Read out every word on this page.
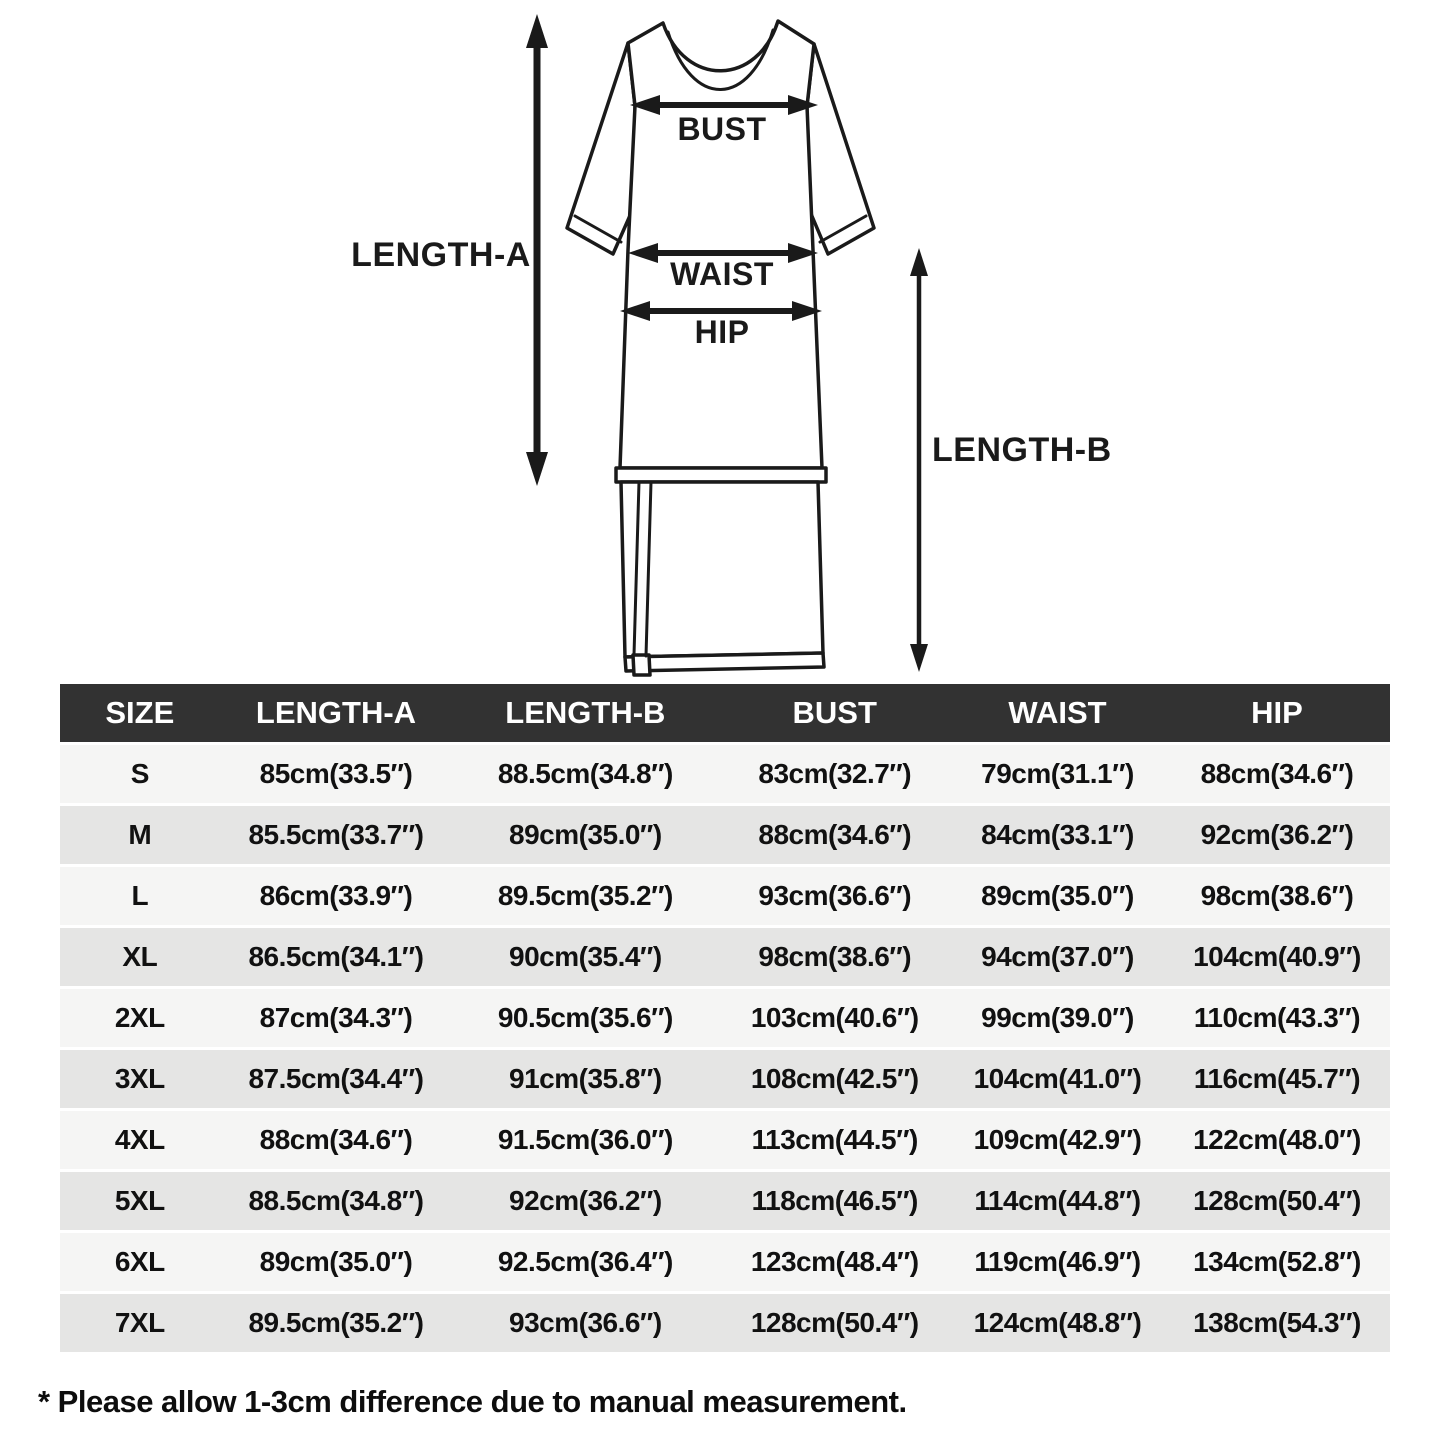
BUST
WAIST
HIP
LENGTH-A
LENGTH-B
SIZE	LENGTH-A	LENGTH-B	BUST	WAIST	HIP
S	85cm(33.5″)	88.5cm(34.8″)	83cm(32.7″)	79cm(31.1″)	88cm(34.6″)
M	85.5cm(33.7″)	89cm(35.0″)	88cm(34.6″)	84cm(33.1″)	92cm(36.2″)
L	86cm(33.9″)	89.5cm(35.2″)	93cm(36.6″)	89cm(35.0″)	98cm(38.6″)
XL	86.5cm(34.1″)	90cm(35.4″)	98cm(38.6″)	94cm(37.0″)	104cm(40.9″)
2XL	87cm(34.3″)	90.5cm(35.6″)	103cm(40.6″)	99cm(39.0″)	110cm(43.3″)
3XL	87.5cm(34.4″)	91cm(35.8″)	108cm(42.5″)	104cm(41.0″)	116cm(45.7″)
4XL	88cm(34.6″)	91.5cm(36.0″)	113cm(44.5″)	109cm(42.9″)	122cm(48.0″)
5XL	88.5cm(34.8″)	92cm(36.2″)	118cm(46.5″)	114cm(44.8″)	128cm(50.4″)
6XL	89cm(35.0″)	92.5cm(36.4″)	123cm(48.4″)	119cm(46.9″)	134cm(52.8″)
7XL	89.5cm(35.2″)	93cm(36.6″)	128cm(50.4″)	124cm(48.8″)	138cm(54.3″)
* Please allow 1-3cm difference due to manual measurement.
